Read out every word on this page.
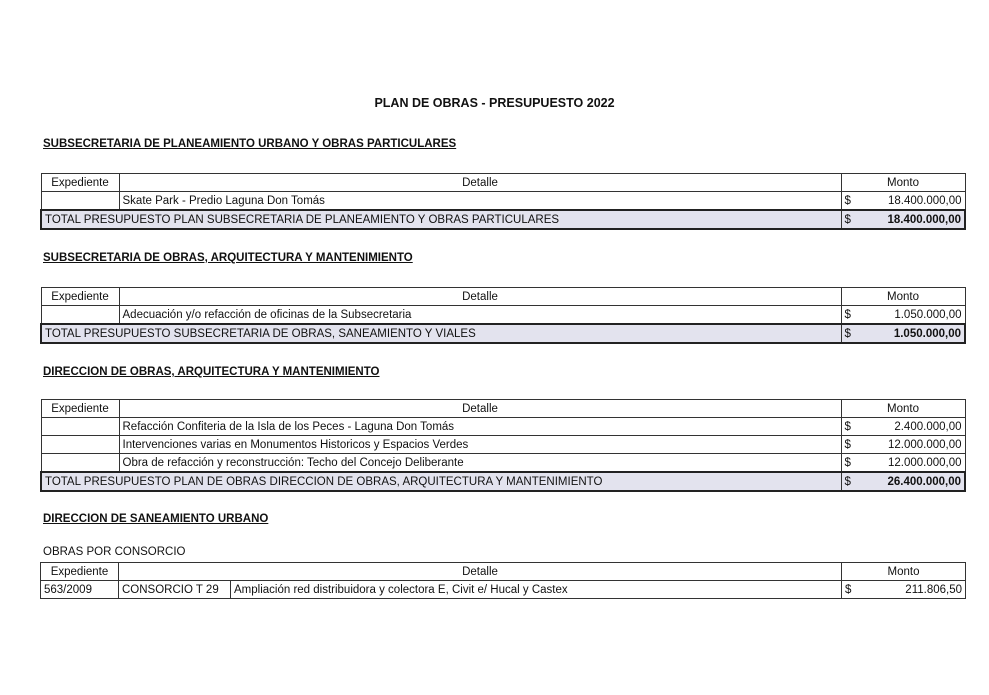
PLAN DE OBRAS - PRESUPUESTO 2022
SUBSECRETARIA DE PLANEAMIENTO URBANO Y OBRAS PARTICULARES
Expediente	Detalle	Monto	
	Skate Park - Predio Laguna Don Tomás	$	18.400.000,00
TOTAL PRESUPUESTO PLAN SUBSECRETARIA DE PLANEAMIENTO Y OBRAS PARTICULARES		$	18.400.000,00
SUBSECRETARIA DE OBRAS, ARQUITECTURA Y MANTENIMIENTO
Expediente	Detalle	Monto	
	Adecuación y/o refacción de oficinas de la Subsecretaria	$	1.050.000,00
TOTAL PRESUPUESTO SUBSECRETARIA DE OBRAS, SANEAMIENTO Y VIALES		$	1.050.000,00
DIRECCION DE OBRAS, ARQUITECTURA Y MANTENIMIENTO
Expediente	Detalle	Monto	
	Refacción Confiteria de la Isla de los Peces - Laguna Don Tomás	$	2.400.000,00
	Intervenciones varias en Monumentos Historicos y Espacios Verdes	$	12.000.000,00
	Obra de refacción y reconstrucción: Techo del Concejo Deliberante	$	12.000.000,00
TOTAL PRESUPUESTO PLAN DE OBRAS DIRECCION DE OBRAS, ARQUITECTURA Y MANTENIMIENTO		$	26.400.000,00
DIRECCION DE SANEAMIENTO URBANO
OBRAS POR CONSORCIO
Expediente	Detalle		Monto	
563/2009	CONSORCIO T 29	Ampliación red distribuidora y colectora E, Civit e/ Hucal y Castex	$	211.806,50
